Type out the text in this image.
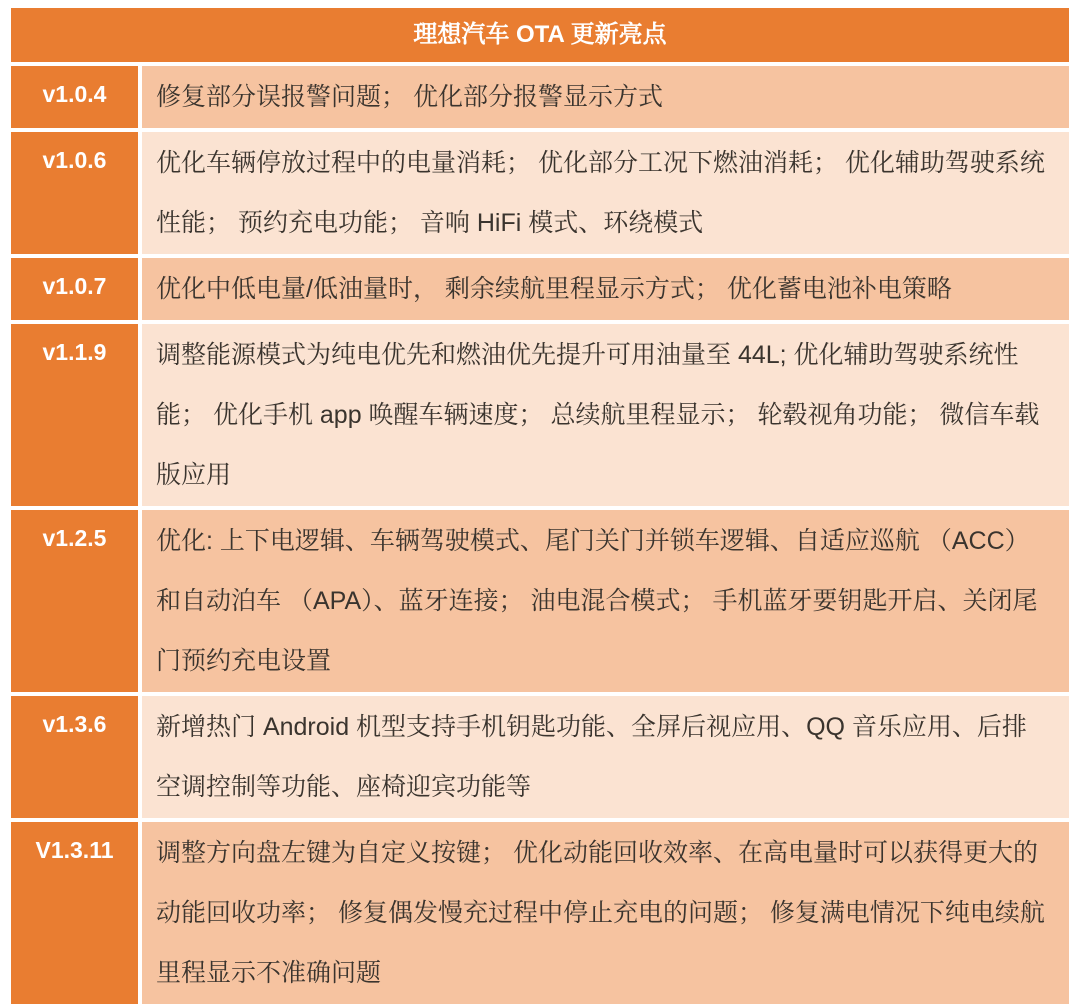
理想汽车 OTA 更新亮点
v1.0.4	修复部分误报警问题； 优化部分报警显示方式
v1.0.6	优化车辆停放过程中的电量消耗； 优化部分工况下燃油消耗； 优化辅助驾驶系统性能； 预约充电功能； 音响 HiFi 模式、环绕模式
v1.0.7	优化中低电量/低油量时， 剩余续航里程显示方式； 优化蓄电池补电策略
v1.1.9	调整能源模式为纯电优先和燃油优先提升可用油量至 44L; 优化辅助驾驶系统性能； 优化手机 app 唤醒车辆速度； 总续航里程显示； 轮毂视角功能； 微信车载版应用
v1.2.5	优化: 上下电逻辑、车辆驾驶模式、尾门关门并锁车逻辑、自适应巡航 （ACC）和自动泊车 （APA）、蓝牙连接； 油电混合模式； 手机蓝牙要钥匙开启、关闭尾门预约充电设置
v1.3.6	新增热门 Android 机型支持手机钥匙功能、全屏后视应用、QQ 音乐应用、后排空调控制等功能、座椅迎宾功能等
V1.3.11	调整方向盘左键为自定义按键； 优化动能回收效率、在高电量时可以获得更大的动能回收功率； 修复偶发慢充过程中停止充电的问题； 修复满电情况下纯电续航里程显示不准确问题
